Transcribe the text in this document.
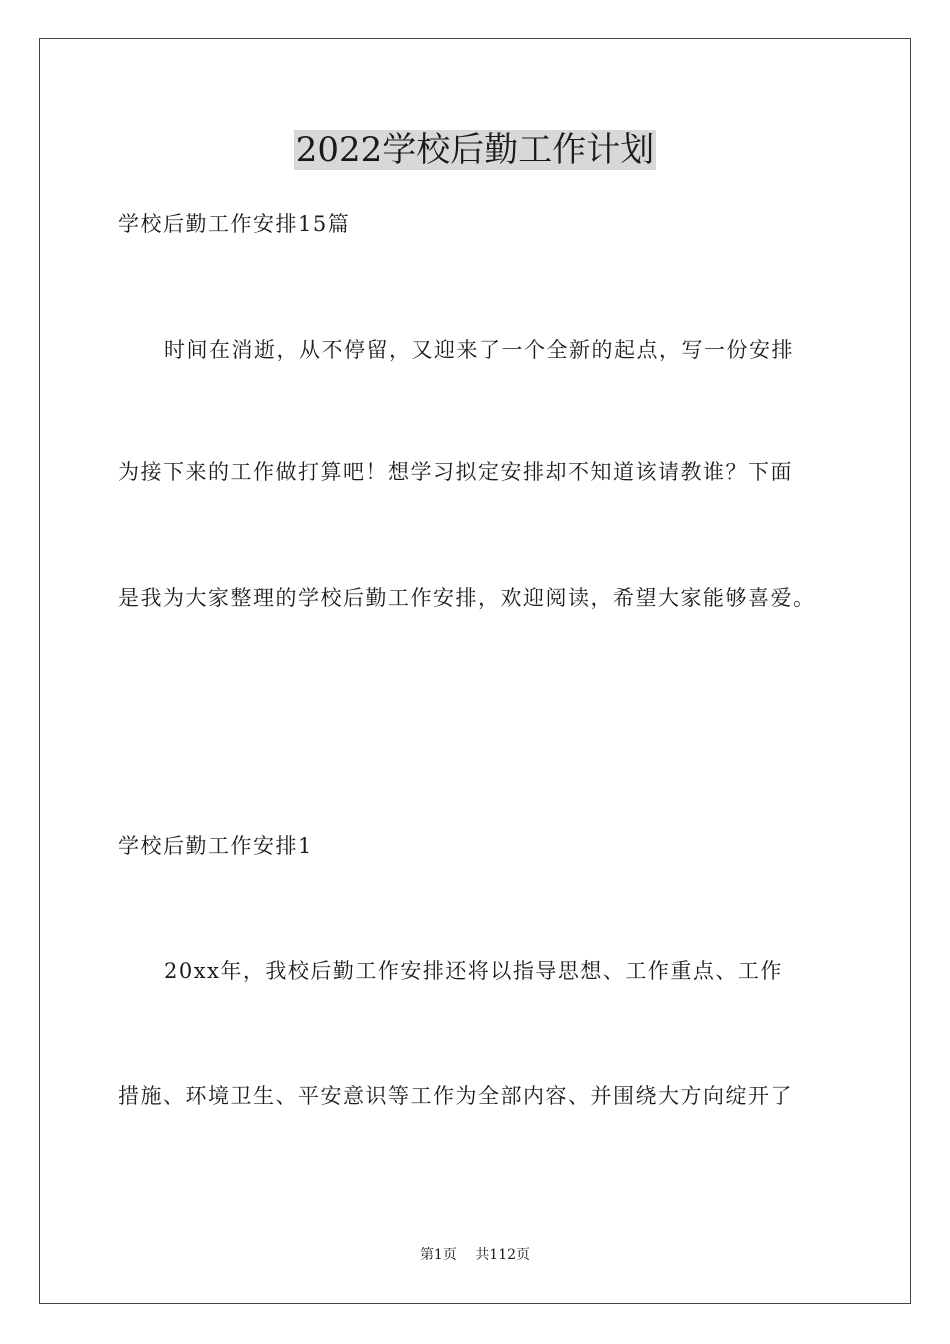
2022学校后勤工作计划
学校后勤工作安排15篇
时间在消逝，从不停留，又迎来了一个全新的起点，写一份安排
为接下来的工作做打算吧！想学习拟定安排却不知道该请教谁？下面
是我为大家整理的学校后勤工作安排，欢迎阅读，希望大家能够喜爱。
学校后勤工作安排1
20xx年，我校后勤工作安排还将以指导思想、工作重点、工作
措施、环境卫生、平安意识等工作为全部内容、并围绕大方向绽开了
第1页 共112页
